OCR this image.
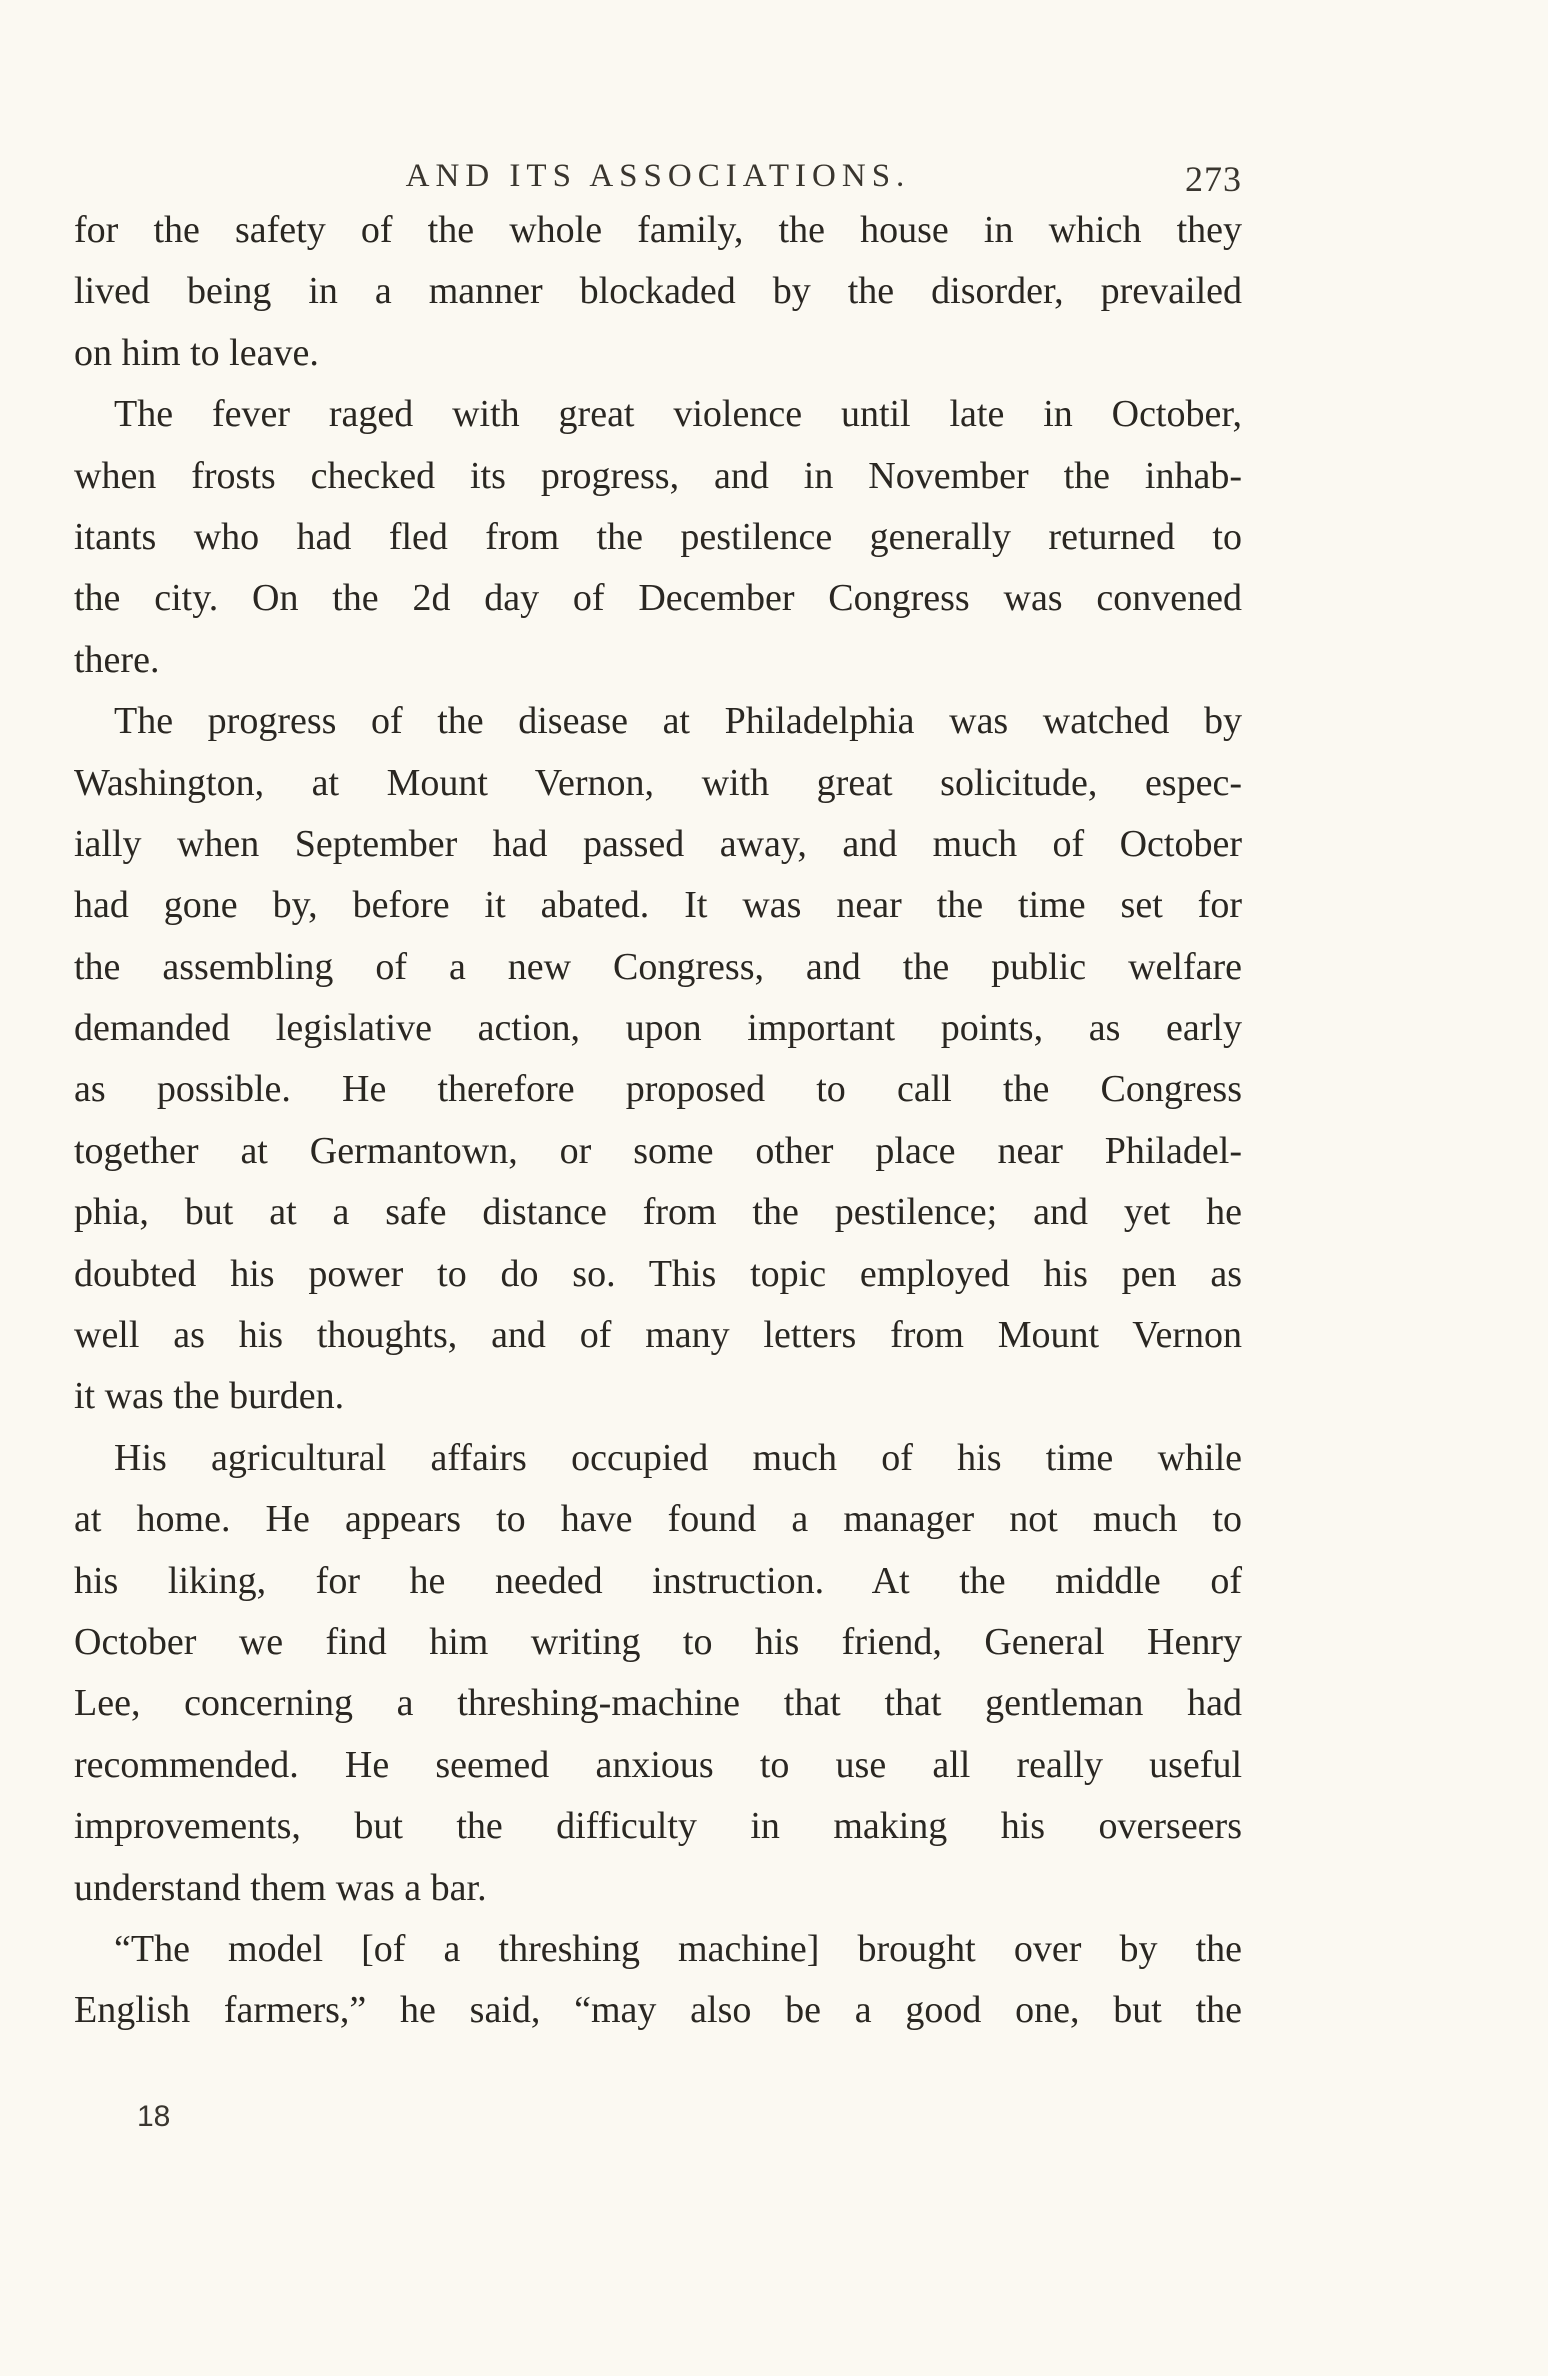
AND ITS ASSOCIATIONS.	273
for the safety of the whole family, the house in which they
lived being in a manner blockaded by the disorder, prevailed
on him to leave.
The fever raged with great violence until late in October,
when frosts checked its progress, and in November the inhab-
itants who had fled from the pestilence generally returned to
the city. On the 2d day of December Congress was convened
there.
The progress of the disease at Philadelphia was watched by
Washington, at Mount Vernon, with great solicitude, espec-
ially when September had passed away, and much of October
had gone by, before it abated. It was near the time set for
the assembling of a new Congress, and the public welfare
demanded legislative action, upon important points, as early
as possible. He therefore proposed to call the Congress
together at Germantown, or some other place near Philadel-
phia, but at a safe distance from the pestilence; and yet he
doubted his power to do so. This topic employed his pen as
well as his thoughts, and of many letters from Mount Vernon
it was the burden.
His agricultural affairs occupied much of his time while
at home. He appears to have found a manager not much to
his liking, for he needed instruction. At the middle of
October we find him writing to his friend, General Henry
Lee, concerning a threshing-machine that that gentleman had
recommended. He seemed anxious to use all really useful
improvements, but the difficulty in making his overseers
understand them was a bar.
“The model [of a threshing machine] brought over by the
English farmers,” he said, “may also be a good one, but the
18
